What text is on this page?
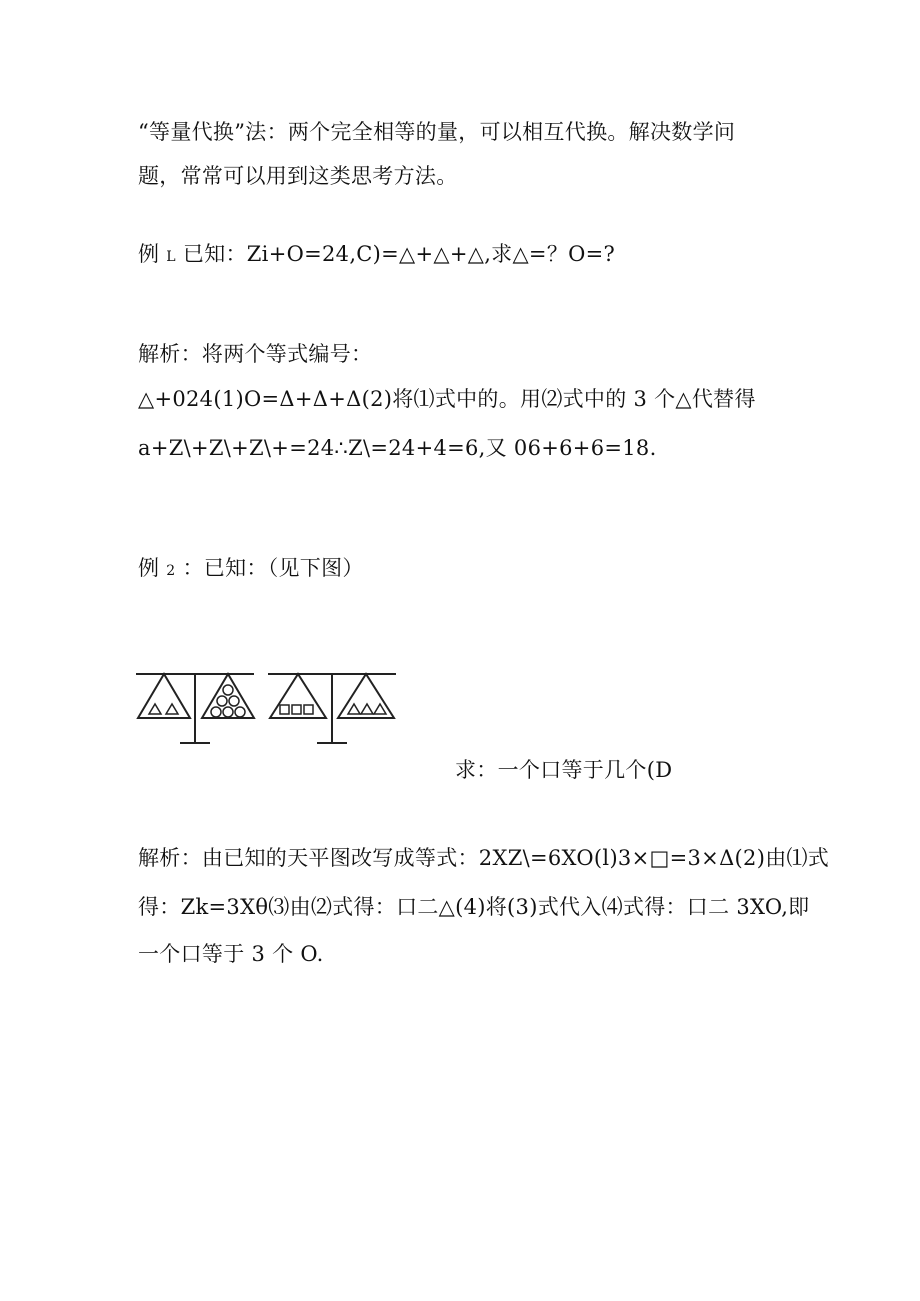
“等量代换”法：两个完全相等的量，可以相互代换。解决数学问
题，常常可以用到这类思考方法。
例 L 已知：Zi+O=24,C)=△+△+△,求△=？O=?
解析：将两个等式编号：
△+024(1)O=Δ+Δ+Δ(2)将⑴式中的。用⑵式中的 3 个△代替得
a+Z\+Z\+Z\+=24∴Z\=24+4=6,又 06+6+6=18.
例 2 ：已知：（见下图）
求：一个口等于几个(D
解析：由已知的天平图改写成等式：2XZ\=6XO(l)3×□=3×Δ(2)由⑴式
得：Zk=3Xθ⑶由⑵式得：口二△(4)将(3)式代入⑷式得：口二 3XO,即
一个口等于 3 个 O.
